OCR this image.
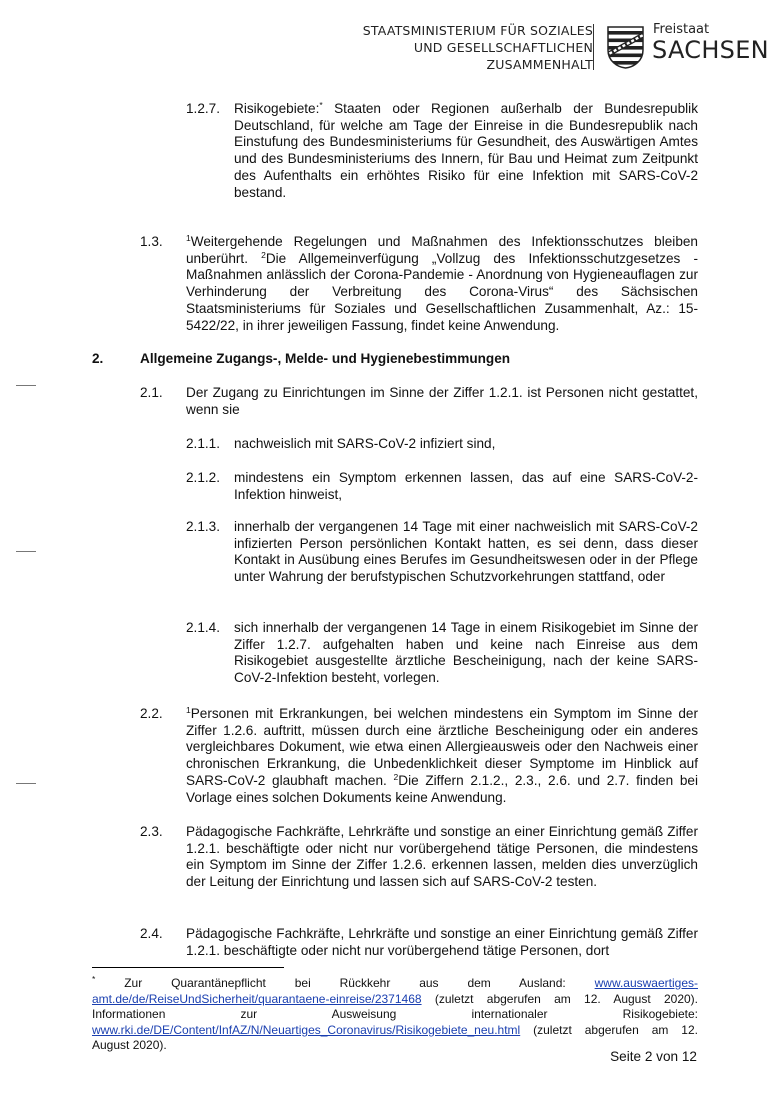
STAATSMINISTERIUM FÜR SOZIALES
UND GESELLSCHAFTLICHEN
ZUSAMMENHALT
Freistaat
SACHSEN
1.2.7. Risikogebiete:* Staaten oder Regionen außerhalb der Bundesrepublik Deutschland, für welche am Tage der Einreise in die Bundesrepublik nach Einstufung des Bundesministeriums für Gesundheit, des Auswärtigen Amtes und des Bundesministeriums des Innern, für Bau und Heimat zum Zeitpunkt des Aufenthalts ein erhöhtes Risiko für eine Infektion mit SARS-CoV-2 bestand.
1.3.	$^1$Weitergehende Regelungen und Maßnahmen des Infektionsschutzes bleiben unberührt. $^2$Die Allgemeinverfügung „Vollzug des Infektionsschutzgesetzes - Maßnahmen anlässlich der Corona-Pandemie - Anordnung von Hygieneauflagen zur Verhinderung der Verbreitung des Corona-Virus“ des Sächsischen Staatsministeriums für Soziales und Gesellschaftlichen Zusammenhalt, Az.: 15-5422/22, in ihrer jeweiligen Fassung, findet keine Anwendung.
2.	Allgemeine Zugangs-, Melde- und Hygienebestimmungen
2.1. Der Zugang zu Einrichtungen im Sinne der Ziffer 1.2.1. ist Personen nicht gestattet, wenn sie
2.1.1. nachweislich mit SARS-CoV-2 infiziert sind,
2.1.2. mindestens ein Symptom erkennen lassen, das auf eine SARS-CoV-2-Infektion hinweist,
2.1.3. innerhalb der vergangenen 14 Tage mit einer nachweislich mit SARS-CoV-2 infizierten Person persönlichen Kontakt hatten, es sei denn, dass dieser Kontakt in Ausübung eines Berufes im Gesundheitswesen oder in der Pflege unter Wahrung der berufstypischen Schutzvorkehrungen stattfand, oder
2.1.4. sich innerhalb der vergangenen 14 Tage in einem Risikogebiet im Sinne der Ziffer 1.2.7. aufgehalten haben und keine nach Einreise aus dem Risikogebiet ausgestellte ärztliche Bescheinigung, nach der keine SARS-CoV-2-Infektion besteht, vorlegen.
2.2.	$^1$Personen mit Erkrankungen, bei welchen mindestens ein Symptom im Sinne der Ziffer 1.2.6. auftritt, müssen durch eine ärztliche Bescheinigung oder ein anderes vergleichbares Dokument, wie etwa einen Allergieausweis oder den Nachweis einer chronischen Erkrankung, die Unbedenklichkeit dieser Symptome im Hinblick auf SARS-CoV-2 glaubhaft machen. $^2$Die Ziffern 2.1.2., 2.3., 2.6. und 2.7. finden bei Vorlage eines solchen Dokuments keine Anwendung.
2.3. Pädagogische Fachkräfte, Lehrkräfte und sonstige an einer Einrichtung gemäß Ziffer 1.2.1. beschäftigte oder nicht nur vorübergehend tätige Personen, die mindestens ein Symptom im Sinne der Ziffer 1.2.6. erkennen lassen, melden dies unverzüglich der Leitung der Einrichtung und lassen sich auf SARS-CoV-2 testen.
2.4. Pädagogische Fachkräfte, Lehrkräfte und sonstige an einer Einrichtung gemäß Ziffer 1.2.1. beschäftigte oder nicht nur vorübergehend tätige Personen, dort
* Zur Quarantänepflicht bei Rückkehr aus dem Ausland: www.auswaertiges-amt.de/de/ReiseUndSicherheit/quarantaene-einreise/2371468 (zuletzt abgerufen am 12. August 2020). Informationen zur Ausweisung internationaler Risikogebiete: www.rki.de/DE/Content/InfAZ/N/Neuartiges_Coronavirus/Risikogebiete_neu.html (zuletzt abgerufen am 12. August 2020).
Seite 2 von 12
